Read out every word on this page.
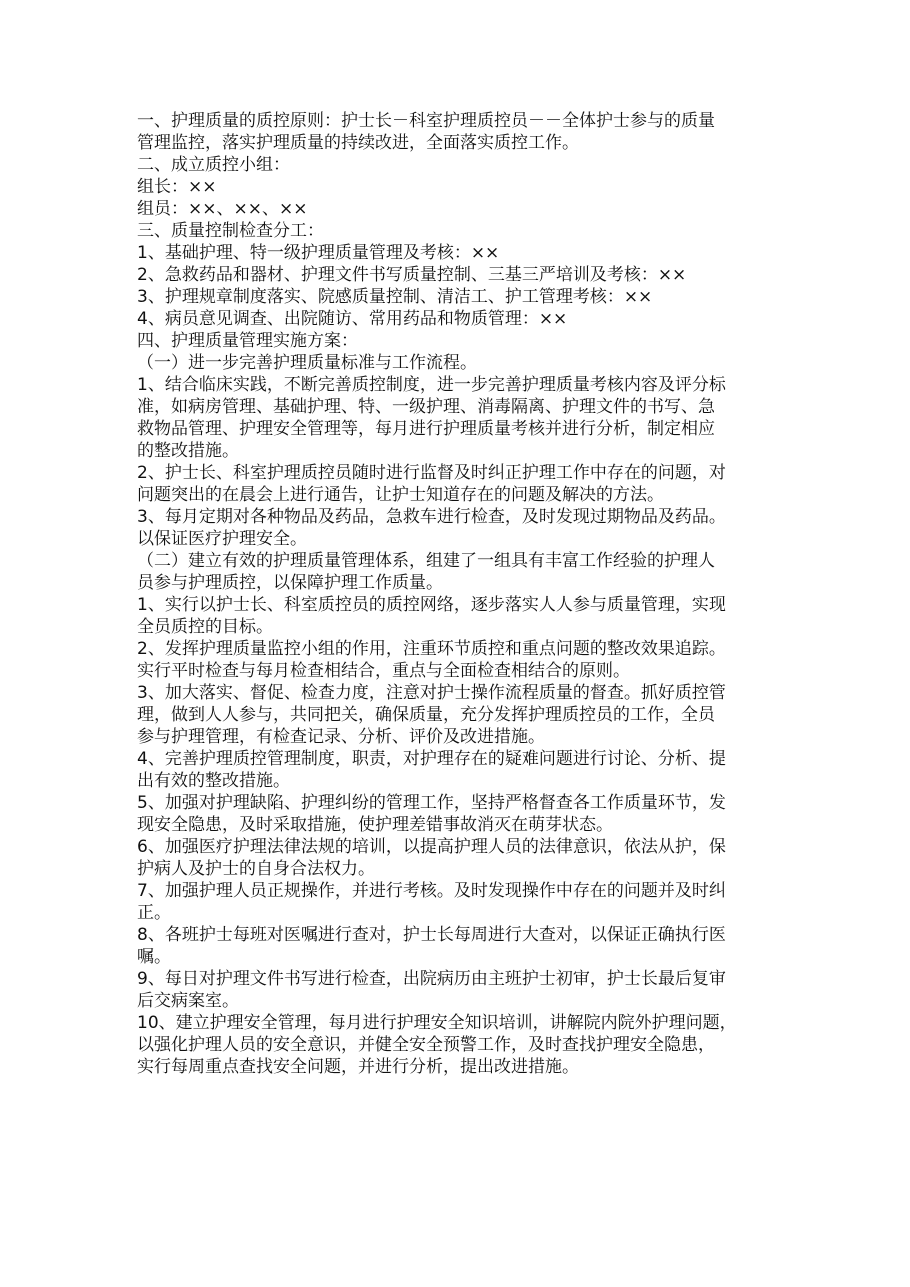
一、护理质量的质控原则：护士长－科室护理质控员－－全体护士参与的质量
管理监控，落实护理质量的持续改进，全面落实质控工作。
二、成立质控小组：
组长：××
组员：××、××、××
三、质量控制检查分工：
1、基础护理、特一级护理质量管理及考核：××
2、急救药品和器材、护理文件书写质量控制、三基三严培训及考核：××
3、护理规章制度落实、院感质量控制、清洁工、护工管理考核：××
4、病员意见调查、出院随访、常用药品和物质管理：××
四、护理质量管理实施方案：
（一）进一步完善护理质量标准与工作流程。
1、结合临床实践，不断完善质控制度，进一步完善护理质量考核内容及评分标
准，如病房管理、基础护理、特、一级护理、消毒隔离、护理文件的书写、急
救物品管理、护理安全管理等，每月进行护理质量考核并进行分析，制定相应
的整改措施。
2、护士长、科室护理质控员随时进行监督及时纠正护理工作中存在的问题，对
问题突出的在晨会上进行通告，让护士知道存在的问题及解决的方法。
3、每月定期对各种物品及药品，急救车进行检查，及时发现过期物品及药品。
以保证医疗护理安全。
（二）建立有效的护理质量管理体系，组建了一组具有丰富工作经验的护理人
员参与护理质控，以保障护理工作质量。
1、实行以护士长、科室质控员的质控网络，逐步落实人人参与质量管理，实现
全员质控的目标。
2、发挥护理质量监控小组的作用，注重环节质控和重点问题的整改效果追踪。
实行平时检查与每月检查相结合，重点与全面检查相结合的原则。
3、加大落实、督促、检查力度，注意对护士操作流程质量的督查。抓好质控管
理，做到人人参与，共同把关，确保质量，充分发挥护理质控员的工作，全员
参与护理管理，有检查记录、分析、评价及改进措施。
4、完善护理质控管理制度，职责，对护理存在的疑难问题进行讨论、分析、提
出有效的整改措施。
5、加强对护理缺陷、护理纠纷的管理工作，坚持严格督查各工作质量环节，发
现安全隐患，及时采取措施，使护理差错事故消灭在萌芽状态。
6、加强医疗护理法律法规的培训，以提高护理人员的法律意识，依法从护，保
护病人及护士的自身合法权力。
7、加强护理人员正规操作，并进行考核。及时发现操作中存在的问题并及时纠
正。
8、各班护士每班对医嘱进行查对，护士长每周进行大查对，以保证正确执行医
嘱。
9、每日对护理文件书写进行检查，出院病历由主班护士初审，护士长最后复审
后交病案室。
10、建立护理安全管理，每月进行护理安全知识培训，讲解院内院外护理问题，
以强化护理人员的安全意识，并健全安全预警工作，及时查找护理安全隐患，
实行每周重点查找安全问题，并进行分析，提出改进措施。
